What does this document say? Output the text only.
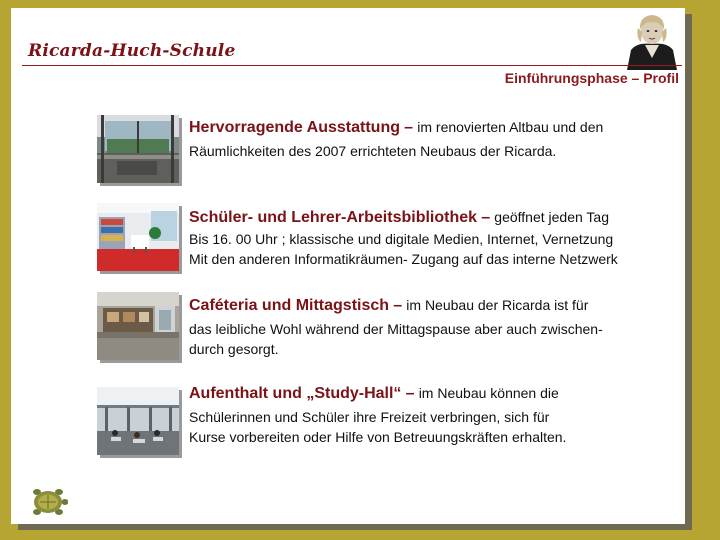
Ricarda-Huch-Schule
Einführungsphase – Profil
Hervorragende Ausstattung – im renovierten Altbau und den
Räumlichkeiten des 2007 errichteten Neubaus der Ricarda.
Schüler- und Lehrer-Arbeitsbibliothek – geöffnet jeden Tag
Bis 16. 00 Uhr ; klassische und digitale Medien, Internet, Vernetzung
Mit den anderen Informatikräumen- Zugang auf das interne Netzwerk
Caféteria und Mittagstisch – im Neubau der Ricarda ist für
das leibliche Wohl während der Mittagspause aber auch zwischen-
durch gesorgt.
Aufenthalt und „Study-Hall“ – im Neubau können die
Schülerinnen und Schüler ihre Freizeit verbringen, sich für
Kurse vorbereiten oder Hilfe von Betreuungskräften erhalten.
